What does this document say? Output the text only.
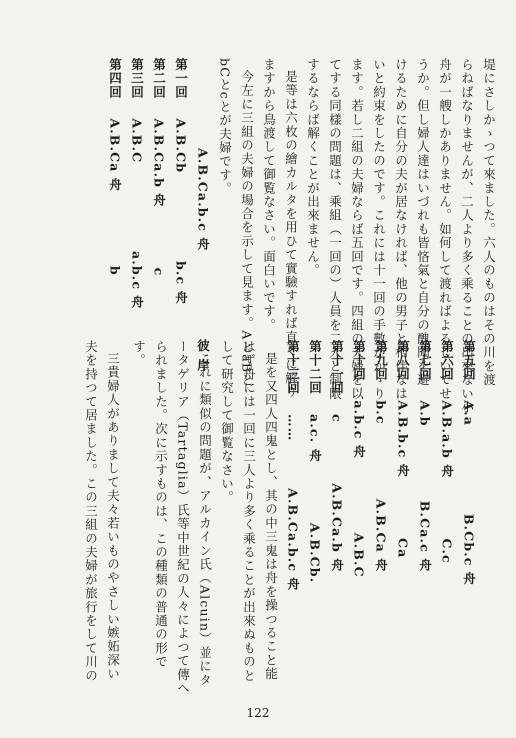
堤にさしかゝつて來ました。六人のものはその川を渡
らねばなりませんが、二人より多く乘ることの出來ない小
舟が一艘しかありません。如何して渡ればよろしいでせ
うか。但し婦人達はいづれも皆悋氣と自分の醜聞を避
けるために自分の夫が居なければ、他の男子と相伴なは
いと約束をしたのです。これには十一回の手數がかゝり
ます。若し二組の夫婦ならば五回です。四組の夫婦を以
てする同樣の問題は、乘組（一回の）人員を二人と制限
するならば解くことが出來ません。
是等は六枚の繪カルタを用ひて實驗すれば直ぐに解り
ますから鳥渡して御覧なさい。面白いです。
今左に三組の夫婦の場合を示して見ます。AとaBと
bCとcとが夫婦です。
A.B.Ca.b.c 舟　　　　　　 彼 岸
第一回　 A.B.Cb　　　　　　 b.c 舟
第二回　 A.B.Ca.b 舟　　　　 c
第三回　 A.B.C　　　　　　 a.b.c 舟
第四回　 A.B.Ca 舟　　　　　 b
第五回　 A.a　　　　　　 B.Cb.c 舟
第六回　 A.B.a.b 舟　　　　 C.c
第七回　 A.b　　　　　 B.Ca.c 舟
第八回　 A.B.b.c 舟　　　　 Ca
第九回　 b.c　　　　　 A.B.Ca 舟
第十回　 a.b.c 舟　　　　　 A.B.C
第十一回　 c　　　　 A.B.Ca.b 舟
第十二回　 a.c. 舟　　　　 A.B.Cb.
第十三回　 ……　　　 A.B.Ca.b.c 舟
是を又四人四鬼とし、其の中三鬼は舟を操つること能
はず舟には一回に三人より多く乘ることが出來ぬものと
して研究して御覧なさい。
これに類似の問題が、アルカイン氏（Alcuin）並にタ
ータゲリア（Tartaglia）氏等中世紀の人々によつて傳へ
られました。次に示すものは、この種類の普通の形で
す。
三貴婦人がありまして夫々若いものやさしい嫉妬深い
夫を持つて居ました。この三組の夫婦が旅行をして川の
122
